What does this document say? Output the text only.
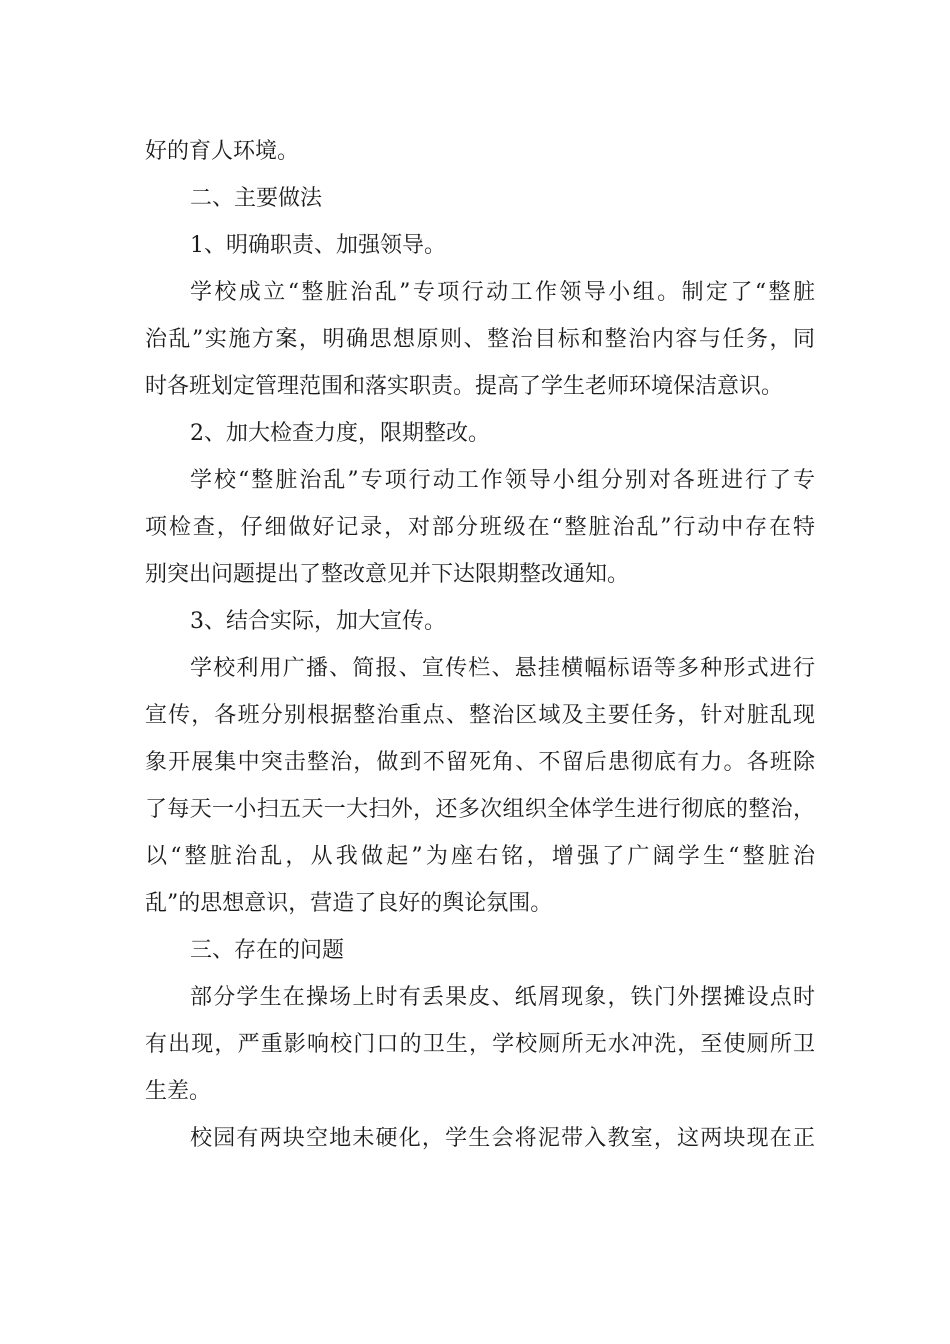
好的育人环境。
二、主要做法
1、明确职责、加强领导。
学校成立“整脏治乱”专项行动工作领导小组。制定了“整脏
治乱”实施方案，明确思想原则、整治目标和整治内容与任务，同
时各班划定管理范围和落实职责。提高了学生老师环境保洁意识。
2、加大检查力度，限期整改。
学校“整脏治乱”专项行动工作领导小组分别对各班进行了专
项检查，仔细做好记录，对部分班级在“整脏治乱”行动中存在特
别突出问题提出了整改意见并下达限期整改通知。
3、结合实际，加大宣传。
学校利用广播、简报、宣传栏、悬挂横幅标语等多种形式进行
宣传，各班分别根据整治重点、整治区域及主要任务，针对脏乱现
象开展集中突击整治，做到不留死角、不留后患彻底有力。各班除
了每天一小扫五天一大扫外，还多次组织全体学生进行彻底的整治，
以“整脏治乱，从我做起”为座右铭，增强了广阔学生“整脏治
乱”的思想意识，营造了良好的舆论氛围。
三、存在的问题
部分学生在操场上时有丢果皮、纸屑现象，铁门外摆摊设点时
有出现，严重影响校门口的卫生，学校厕所无水冲洗，至使厕所卫
生差。
校园有两块空地未硬化，学生会将泥带入教室，这两块现在正
